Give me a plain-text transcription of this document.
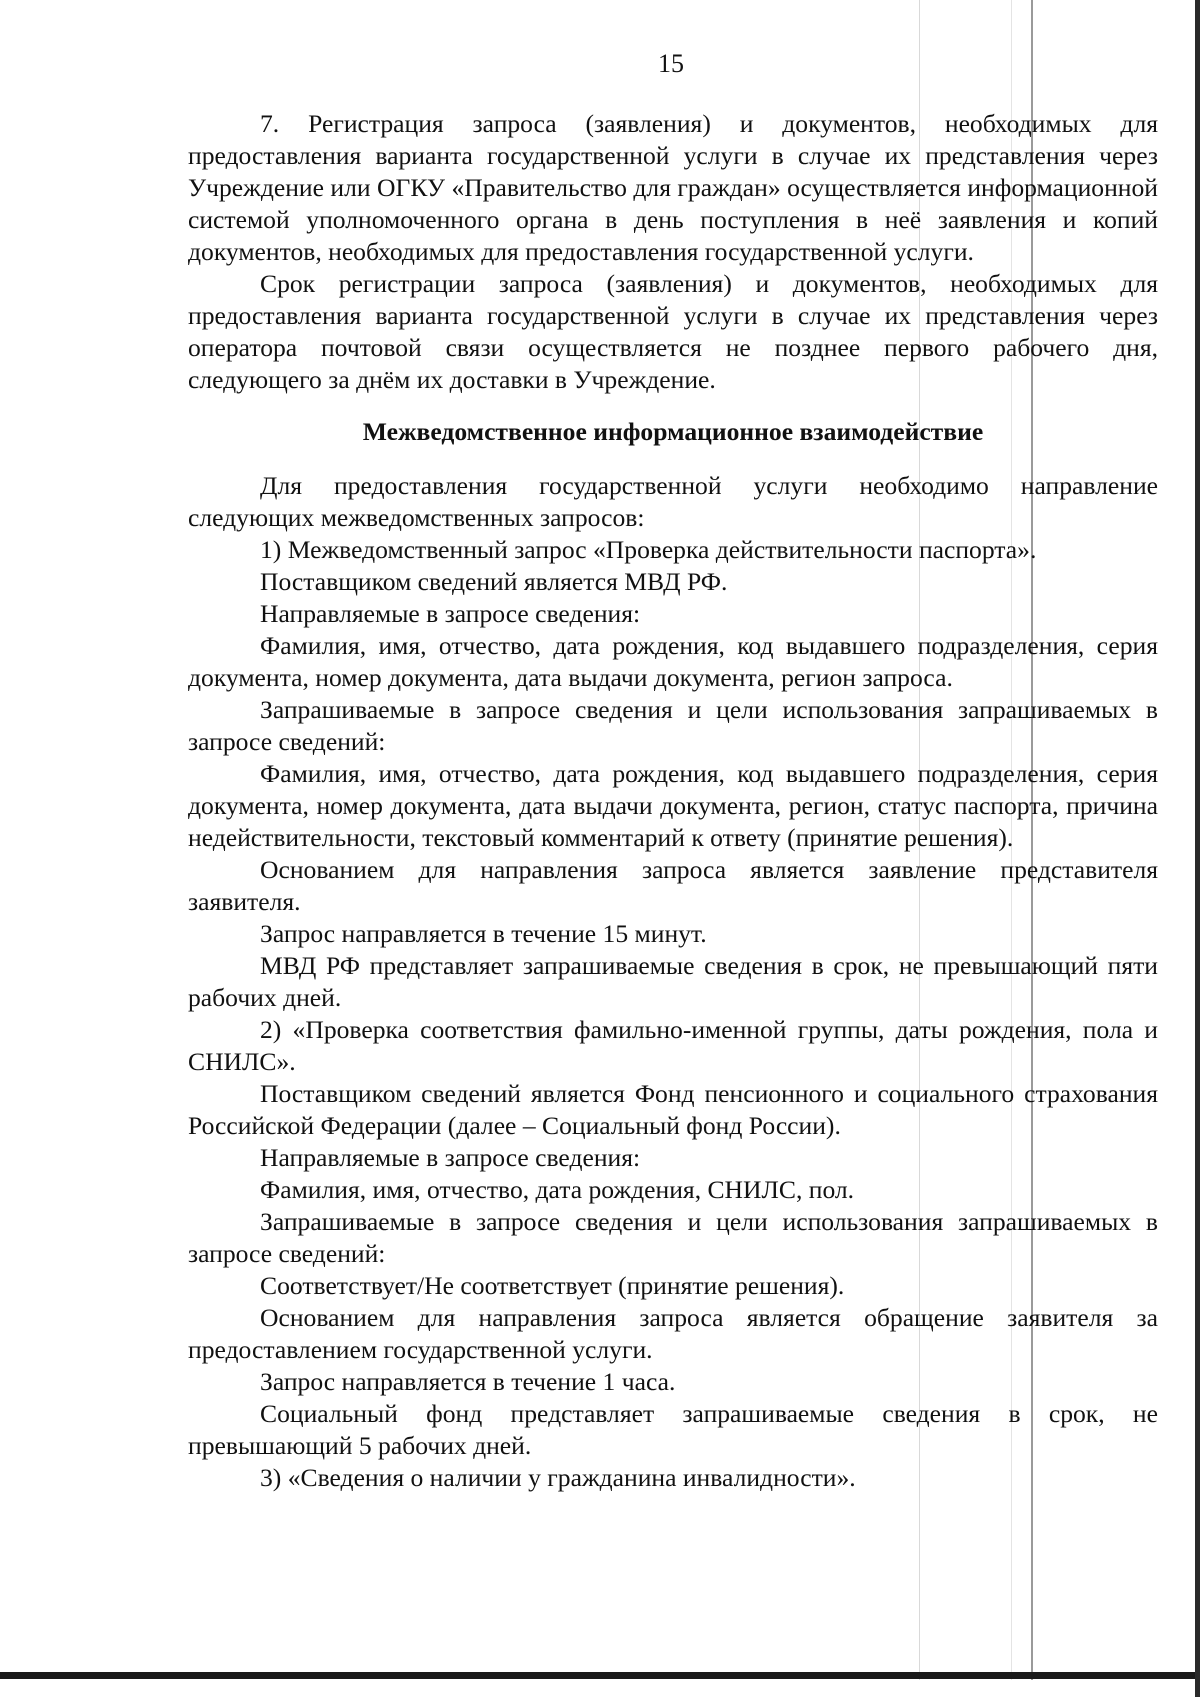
15

7. Регистрация запроса (заявления) и документов, необходимых для предоставления варианта государственной услуги в случае их представления через Учреждение или ОГКУ «Правительство для граждан» осуществляется информационной системой уполномоченного органа в день поступления в неё заявления и копий документов, необходимых для предоставления государственной услуги.

Срок регистрации запроса (заявления) и документов, необходимых для предоставления варианта государственной услуги в случае их представления через оператора почтовой связи осуществляется не позднее первого рабочего дня, следующего за днём их доставки в Учреждение.

Межведомственное информационное взаимодействие

Для предоставления государственной услуги необходимо направление следующих межведомственных запросов:

1) Межведомственный запрос «Проверка действительности паспорта».

Поставщиком сведений является МВД РФ.

Направляемые в запросе сведения:

Фамилия, имя, отчество, дата рождения, код выдавшего подразделения, серия документа, номер документа, дата выдачи документа, регион запроса.

Запрашиваемые в запросе сведения и цели использования запрашиваемых в запросе сведений:

Фамилия, имя, отчество, дата рождения, код выдавшего подразделения, серия документа, номер документа, дата выдачи документа, регион, статус паспорта, причина недействительности, текстовый комментарий к ответу (принятие решения).

Основанием для направления запроса является заявление представителя заявителя.

Запрос направляется в течение 15 минут.

МВД РФ представляет запрашиваемые сведения в срок, не превышающий пяти рабочих дней.

2) «Проверка соответствия фамильно-именной группы, даты рождения, пола и СНИЛС».

Поставщиком сведений является Фонд пенсионного и социального страхования Российской Федерации (далее – Социальный фонд России).

Направляемые в запросе сведения:

Фамилия, имя, отчество, дата рождения, СНИЛС, пол.

Запрашиваемые в запросе сведения и цели использования запрашиваемых в запросе сведений:

Соответствует/Не соответствует (принятие решения).

Основанием для направления запроса является обращение заявителя за предоставлением государственной услуги.

Запрос направляется в течение 1 часа.

Социальный фонд представляет запрашиваемые сведения в срок, не превышающий 5 рабочих дней.

3) «Сведения о наличии у гражданина инвалидности».
